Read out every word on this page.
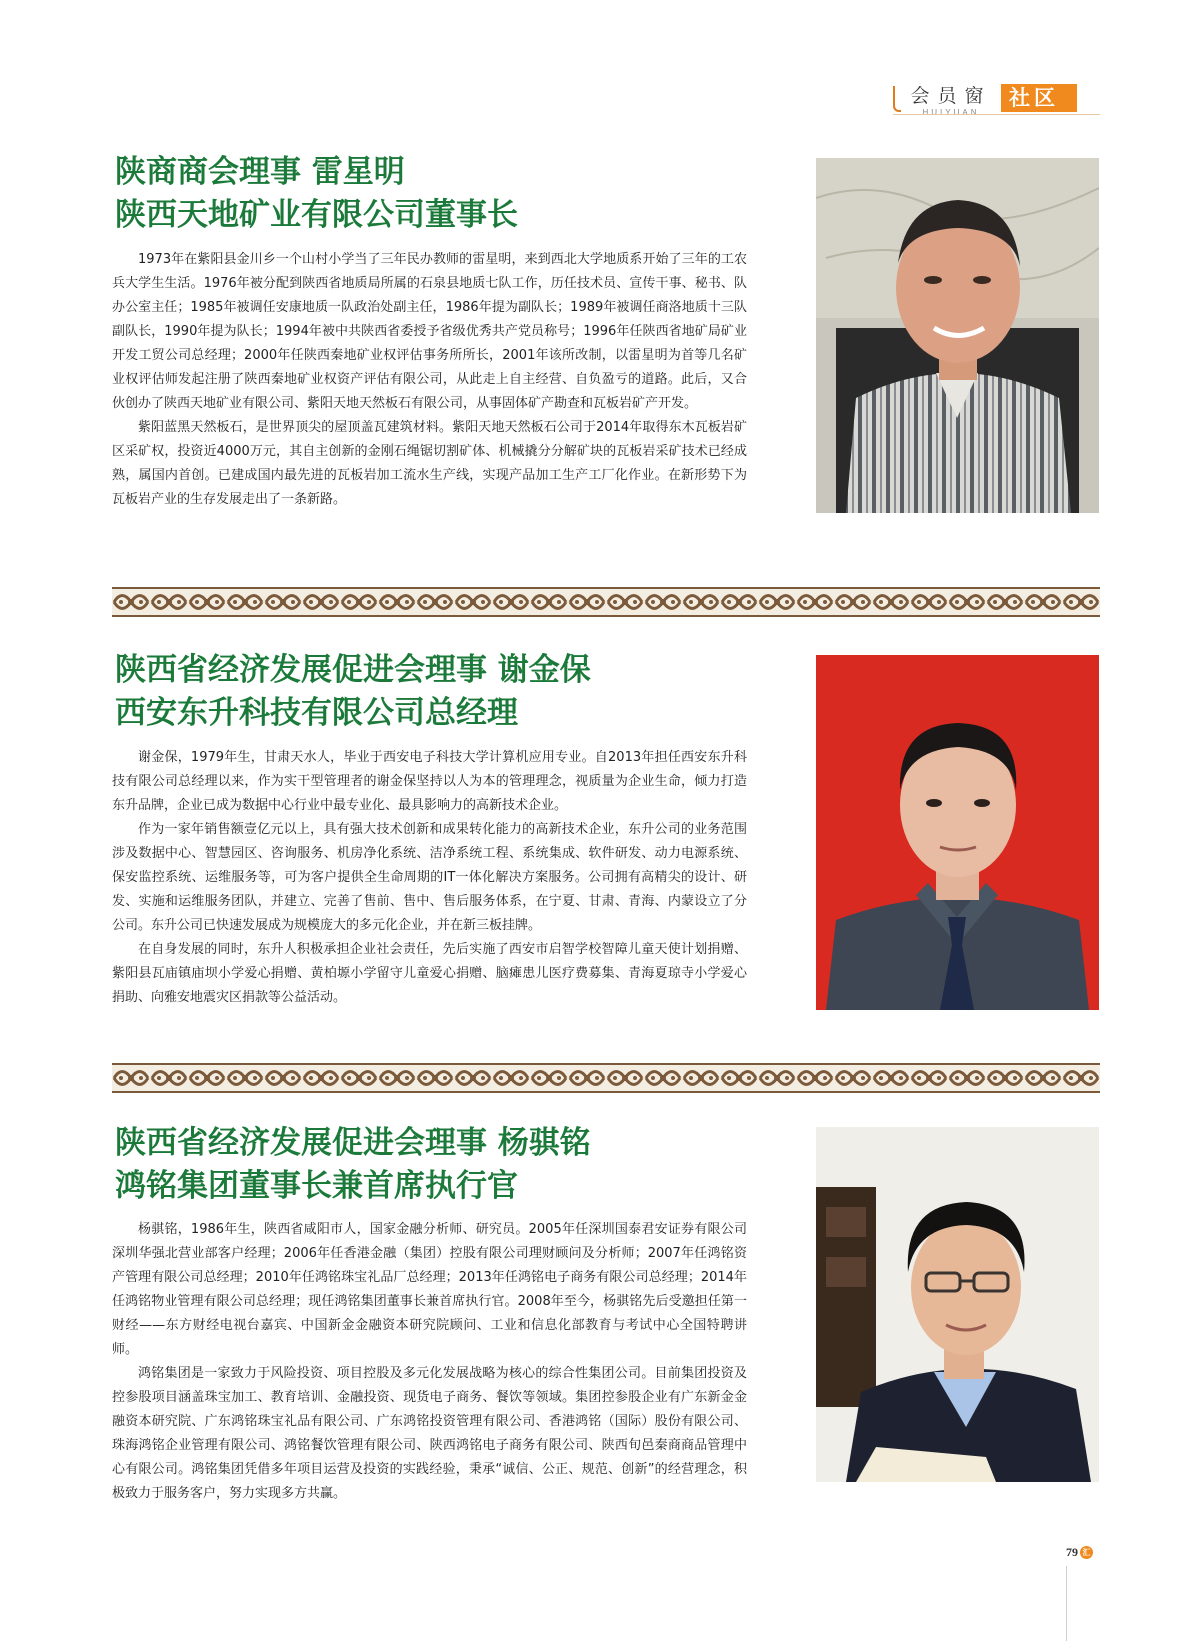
会员窗
HUIYUAN
社区
陕商商会理事 雷星明
陕西天地矿业有限公司董事长

1973年在紫阳县金川乡一个山村小学当了三年民办教师的雷星明，来到西北大学地质系开始了三年的工农兵大学生生活。1976年被分配到陕西省地质局所属的石泉县地质七队工作，历任技术员、宣传干事、秘书、队办公室主任；1985年被调任安康地质一队政治处副主任，1986年提为副队长；1989年被调任商洛地质十三队副队长，1990年提为队长；1994年被中共陕西省委授予省级优秀共产党员称号；1996年任陕西省地矿局矿业开发工贸公司总经理；2000年任陕西秦地矿业权评估事务所所长，2001年该所改制，以雷星明为首等几名矿业权评估师发起注册了陕西秦地矿业权资产评估有限公司，从此走上自主经营、自负盈亏的道路。此后，又合伙创办了陕西天地矿业有限公司、紫阳天地天然板石有限公司，从事固体矿产勘查和瓦板岩矿产开发。

紫阳蓝黑天然板石，是世界顶尖的屋顶盖瓦建筑材料。紫阳天地天然板石公司于2014年取得东木瓦板岩矿区采矿权，投资近4000万元，其自主创新的金刚石绳锯切割矿体、机械撬分分解矿块的瓦板岩采矿技术已经成熟，属国内首创。已建成国内最先进的瓦板岩加工流水生产线，实现产品加工生产工厂化作业。在新形势下为瓦板岩产业的生存发展走出了一条新路。

陕西省经济发展促进会理事 谢金保
西安东升科技有限公司总经理

谢金保，1979年生，甘肃天水人，毕业于西安电子科技大学计算机应用专业。自2013年担任西安东升科技有限公司总经理以来，作为实干型管理者的谢金保坚持以人为本的管理理念，视质量为企业生命，倾力打造东升品牌，企业已成为数据中心行业中最专业化、最具影响力的高新技术企业。

作为一家年销售额壹亿元以上，具有强大技术创新和成果转化能力的高新技术企业，东升公司的业务范围涉及数据中心、智慧园区、咨询服务、机房净化系统、洁净系统工程、系统集成、软件研发、动力电源系统、保安监控系统、运维服务等，可为客户提供全生命周期的IT一体化解决方案服务。公司拥有高精尖的设计、研发、实施和运维服务团队，并建立、完善了售前、售中、售后服务体系，在宁夏、甘肃、青海、内蒙设立了分公司。东升公司已快速发展成为规模庞大的多元化企业，并在新三板挂牌。

在自身发展的同时，东升人积极承担企业社会责任，先后实施了西安市启智学校智障儿童天使计划捐赠、紫阳县瓦庙镇庙坝小学爱心捐赠、黄柏塬小学留守儿童爱心捐赠、脑瘫患儿医疗费募集、青海夏琼寺小学爱心捐助、向雅安地震灾区捐款等公益活动。

陕西省经济发展促进会理事 杨骐铭
鸿铭集团董事长兼首席执行官

杨骐铭，1986年生，陕西省咸阳市人，国家金融分析师、研究员。2005年任深圳国泰君安证券有限公司深圳华强北营业部客户经理；2006年任香港金融（集团）控股有限公司理财顾问及分析师；2007年任鸿铭资产管理有限公司总经理；2010年任鸿铭珠宝礼品厂总经理；2013年任鸿铭电子商务有限公司总经理；2014年任鸿铭物业管理有限公司总经理；现任鸿铭集团董事长兼首席执行官。2008年至今，杨骐铭先后受邀担任第一财经——东方财经电视台嘉宾、中国新金金融资本研究院顾问、工业和信息化部教育与考试中心全国特聘讲师。

鸿铭集团是一家致力于风险投资、项目控股及多元化发展战略为核心的综合性集团公司。目前集团投资及控参股项目涵盖珠宝加工、教育培训、金融投资、现货电子商务、餐饮等领域。集团控参股企业有广东新金金融资本研究院、广东鸿铭珠宝礼品有限公司、广东鸿铭投资管理有限公司、香港鸿铭（国际）股份有限公司、珠海鸿铭企业管理有限公司、鸿铭餐饮管理有限公司、陕西鸿铭电子商务有限公司、陕西旬邑秦商商品管理中心有限公司。鸿铭集团凭借多年项目运营及投资的实践经验，秉承“诚信、公正、规范、创新”的经营理念，积极致力于服务客户，努力实现多方共赢。

79 汇
